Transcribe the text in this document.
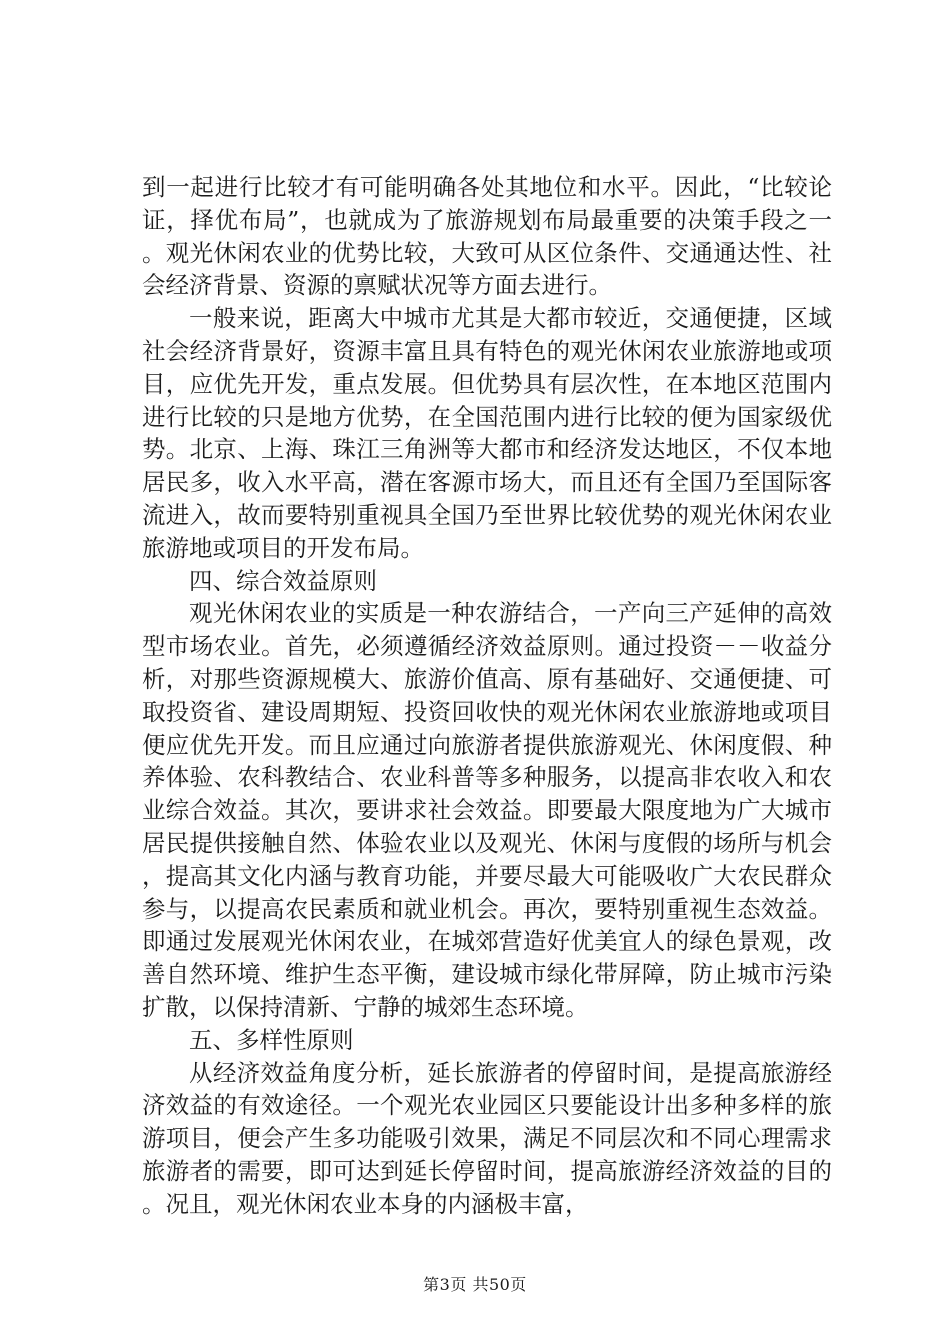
到一起进行比较才有可能明确各处其地位和水平。因此，“比较论证，择优布局”，也就成为了旅游规划布局最重要的决策手段之一。观光休闲农业的优势比较，大致可从区位条件、交通通达性、社会经济背景、资源的禀赋状况等方面去进行。

一般来说，距离大中城市尤其是大都市较近，交通便捷，区域社会经济背景好，资源丰富且具有特色的观光休闲农业旅游地或项目，应优先开发，重点发展。但优势具有层次性，在本地区范围内进行比较的只是地方优势，在全国范围内进行比较的便为国家级优势。北京、上海、珠江三角洲等大都市和经济发达地区，不仅本地居民多，收入水平高，潜在客源市场大，而且还有全国乃至国际客流进入，故而要特别重视具全国乃至世界比较优势的观光休闲农业旅游地或项目的开发布局。

四、综合效益原则

观光休闲农业的实质是一种农游结合，一产向三产延伸的高效型市场农业。首先，必须遵循经济效益原则。通过投资－－收益分析，对那些资源规模大、旅游价值高、原有基础好、交通便捷、可取投资省、建设周期短、投资回收快的观光休闲农业旅游地或项目便应优先开发。而且应通过向旅游者提供旅游观光、休闲度假、种养体验、农科教结合、农业科普等多种服务，以提高非农收入和农业综合效益。其次，要讲求社会效益。即要最大限度地为广大城市居民提供接触自然、体验农业以及观光、休闲与度假的场所与机会，提高其文化内涵与教育功能，并要尽最大可能吸收广大农民群众参与，以提高农民素质和就业机会。再次，要特别重视生态效益。即通过发展观光休闲农业，在城郊营造好优美宜人的绿色景观，改善自然环境、维护生态平衡，建设城市绿化带屏障，防止城市污染扩散，以保持清新、宁静的城郊生态环境。

五、多样性原则

从经济效益角度分析，延长旅游者的停留时间，是提高旅游经济效益的有效途径。一个观光农业园区只要能设计出多种多样的旅游项目，便会产生多功能吸引效果，满足不同层次和不同心理需求旅游者的需要，即可达到延长停留时间，提高旅游经济效益的目的。况且，观光休闲农业本身的内涵极丰富，

第3页 共50页
